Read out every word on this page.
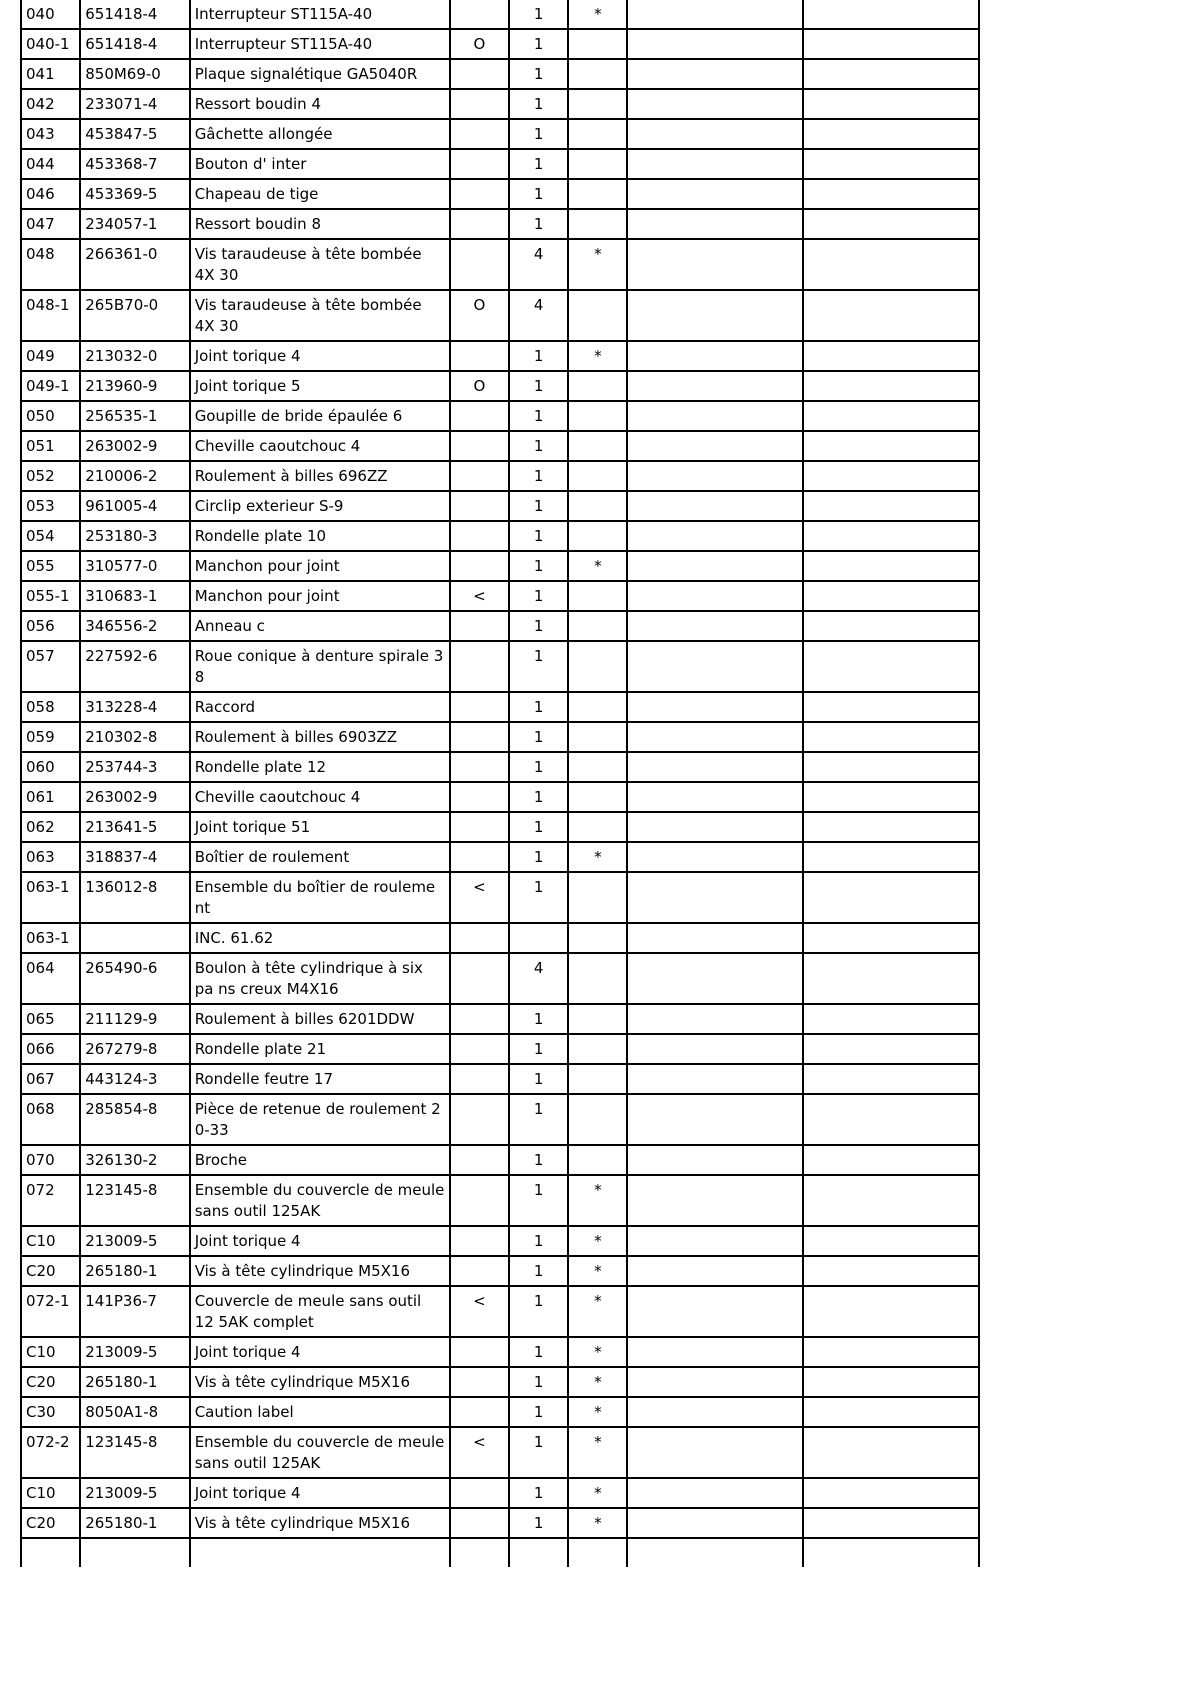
040	651418-4	Interrupteur ST115A-40		1	*		
040-1	651418-4	Interrupteur ST115A-40	O	1			
041	850M69-0	Plaque signalétique GA5040R		1			
042	233071-4	Ressort boudin 4		1			
043	453847-5	Gâchette allongée		1			
044	453368-7	Bouton d' inter		1			
046	453369-5	Chapeau de tige		1			
047	234057-1	Ressort boudin 8		1			
048	266361-0	Vis taraudeuse à tête bombée 4X 30		4	*		
048-1	265B70-0	Vis taraudeuse à tête bombée 4X 30	O	4			
049	213032-0	Joint torique 4		1	*		
049-1	213960-9	Joint torique 5	O	1			
050	256535-1	Goupille de bride épaulée 6		1			
051	263002-9	Cheville caoutchouc 4		1			
052	210006-2	Roulement à billes 696ZZ		1			
053	961005-4	Circlip exterieur S-9		1			
054	253180-3	Rondelle plate 10		1			
055	310577-0	Manchon pour joint		1	*		
055-1	310683-1	Manchon pour joint	<	1			
056	346556-2	Anneau c		1			
057	227592-6	Roue conique à denture spirale 3 8		1			
058	313228-4	Raccord		1			
059	210302-8	Roulement à billes 6903ZZ		1			
060	253744-3	Rondelle plate 12		1			
061	263002-9	Cheville caoutchouc 4		1			
062	213641-5	Joint torique 51		1			
063	318837-4	Boîtier de roulement		1	*		
063-1	136012-8	Ensemble du boîtier de rouleme nt	<	1			
063-1		INC. 61.62					
064	265490-6	Boulon à tête cylindrique à six pa ns creux M4X16		4			
065	211129-9	Roulement à billes 6201DDW		1			
066	267279-8	Rondelle plate 21		1			
067	443124-3	Rondelle feutre 17		1			
068	285854-8	Pièce de retenue de roulement 2 0-33		1			
070	326130-2	Broche		1			
072	123145-8	Ensemble du couvercle de meule sans outil 125AK		1	*		
C10	213009-5	Joint torique 4		1	*		
C20	265180-1	Vis à tête cylindrique M5X16		1	*		
072-1	141P36-7	Couvercle de meule sans outil 12 5AK complet	<	1	*		
C10	213009-5	Joint torique 4		1	*		
C20	265180-1	Vis à tête cylindrique M5X16		1	*		
C30	8050A1-8	Caution label		1	*		
072-2	123145-8	Ensemble du couvercle de meule sans outil 125AK	<	1	*		
C10	213009-5	Joint torique 4		1	*		
C20	265180-1	Vis à tête cylindrique M5X16		1	*		
